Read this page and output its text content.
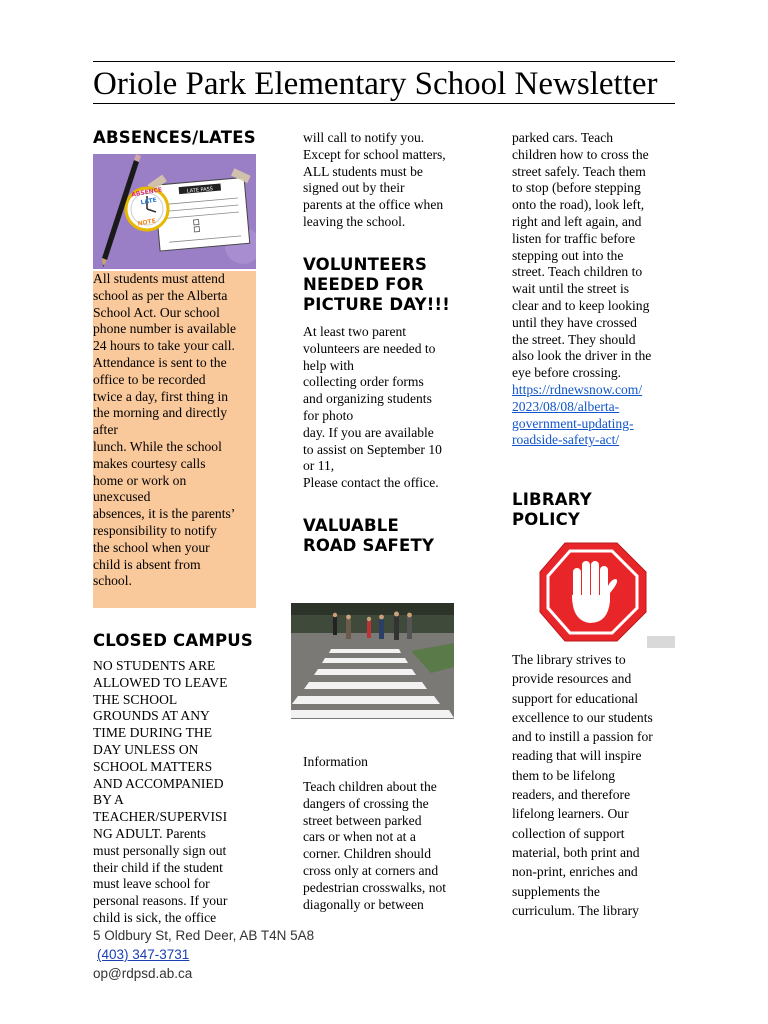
Oriole Park Elementary School Newsletter
ABSENCES/LATES
LATE PASS
ABSENCE
LATE
NOTE
All students must attend
school as per the Alberta
School Act. Our school
phone number is available
24 hours to take your call.
Attendance is sent to the
office to be recorded
twice a day, first thing in
the morning and directly
after
lunch. While the school
makes courtesy calls
home or work on
unexcused
absences, it is the parents’
responsibility to notify
the school when your
child is absent from
school.
CLOSED CAMPUS
NO STUDENTS ARE
ALLOWED TO LEAVE
THE SCHOOL
GROUNDS AT ANY
TIME DURING THE
DAY UNLESS ON
SCHOOL MATTERS
AND ACCOMPANIED
BY A
TEACHER/SUPERVISI
NG ADULT. Parents
must personally sign out
their child if the student
must leave school for
personal reasons. If your
child is sick, the office
will call to notify you.
Except for school matters,
ALL students must be
signed out by their
parents at the office when
leaving the school.
VOLUNTEERS
NEEDED FOR
PICTURE DAY!!!
At least two parent
volunteers are needed to
help with
collecting order forms
and organizing students
for photo
day. If you are available
to assist on September 10
or 11,
Please contact the office.
VALUABLE
ROAD SAFETY
Information
Teach children about the
dangers of crossing the
street between parked
cars or when not at a
corner. Children should
cross only at corners and
pedestrian crosswalks, not
diagonally or between
parked cars. Teach
children how to cross the
street safely. Teach them
to stop (before stepping
onto the road), look left,
right and left again, and
listen for traffic before
stepping out into the
street. Teach children to
wait until the street is
clear and to keep looking
until they have crossed
the street. They should
also look the driver in the
eye before crossing.
https://rdnewsnow.com/
2023/08/08/alberta-
government-updating-
roadside-safety-act/
LIBRARY
POLICY
The library strives to
provide resources and
support for educational
excellence to our students
and to instill a passion for
reading that will inspire
them to be lifelong
readers, and therefore
lifelong learners. Our
collection of support
material, both print and
non-print, enriches and
supplements the
curriculum. The library
5 Oldbury St, Red Deer, AB T4N 5A8
(403) 347-3731
op@rdpsd.ab.ca
